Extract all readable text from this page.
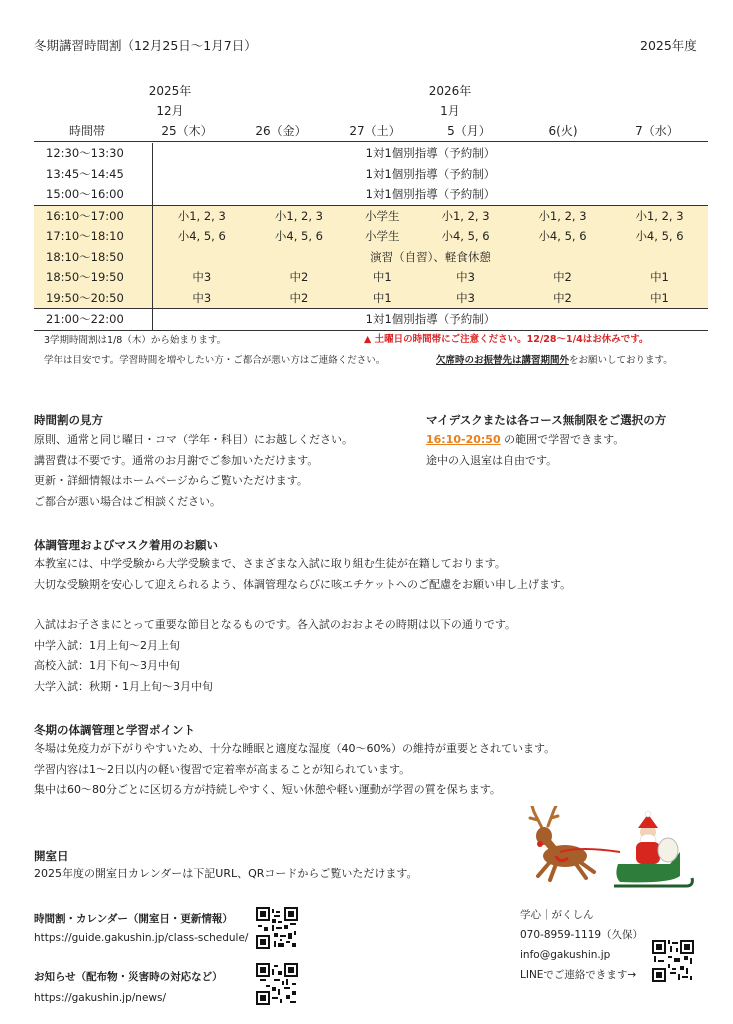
冬期講習時間割（12月25日〜1月7日）	2025年度
2025年
12月
2026年
1月
時間帯	25（木）	26（金）	27（土）	5（月）	6(火)	7（水）
12:30〜13:30	1対1個別指導（予約制）					
13:45〜14:45	1対1個別指導（予約制）					
15:00〜16:00	1対1個別指導（予約制）					
16:10〜17:00	小1, 2, 3	小1, 2, 3	小学生	小1, 2, 3	小1, 2, 3	小1, 2, 3
17:10〜18:10	小4, 5, 6	小4, 5, 6	小学生	小4, 5, 6	小4, 5, 6	小4, 5, 6
18:10〜18:50	演習（自習）、軽食休憩					
18:50〜19:50	中3	中2	中1	中3	中2	中1
19:50〜20:50	中3	中2	中1	中3	中2	中1
21:00〜22:00	1対1個別指導（予約制）					
3学期時間割は1/8（木）から始まります。	▲ 土曜日の時間帯にご注意ください。12/28〜1/4はお休みです。
学年は目安です。学習時間を増やしたい方・ご都合が悪い方はご連絡ください。	欠席時のお振替先は講習期間外をお願いしております。
時間割の見方
原則、通常と同じ曜日・コマ（学年・科目）にお越しください。
講習費は不要です。通常のお月謝でご参加いただけます。
更新・詳細情報はホームページからご覧いただけます。
ご都合が悪い場合はご相談ください。
マイデスクまたは各コース無制限をご選択の方
16:10-20:50 の範囲で学習できます。
途中の入退室は自由です。
体調管理およびマスク着用のお願い
本教室には、中学受験から大学受験まで、さまざまな入試に取り組む生徒が在籍しております。
大切な受験期を安心して迎えられるよう、体調管理ならびに咳エチケットへのご配慮をお願い申し上げます。
入試はお子さまにとって重要な節目となるものです。各入試のおおよその時期は以下の通りです。
中学入試：1月上旬〜2月上旬
高校入試：1月下旬〜3月中旬
大学入試：秋期・1月上旬〜3月中旬
冬期の体調管理と学習ポイント
冬場は免疫力が下がりやすいため、十分な睡眠と適度な湿度（40〜60%）の維持が重要とされています。
学習内容は1〜2日以内の軽い復習で定着率が高まることが知られています。
集中は60〜80分ごとに区切る方が持続しやすく、短い休憩や軽い運動が学習の質を保ちます。
開室日
2025年度の開室日カレンダーは下記URL、QRコードからご覧いただけます。
時間割・カレンダー（開室日・更新情報）
https://guide.gakushin.jp/class-schedule/
お知らせ（配布物・災害時の対応など）
https://gakushin.jp/news/
学心｜がくしん
070-8959-1119（久保）
info@gakushin.jp
LINEでご連絡できます→
